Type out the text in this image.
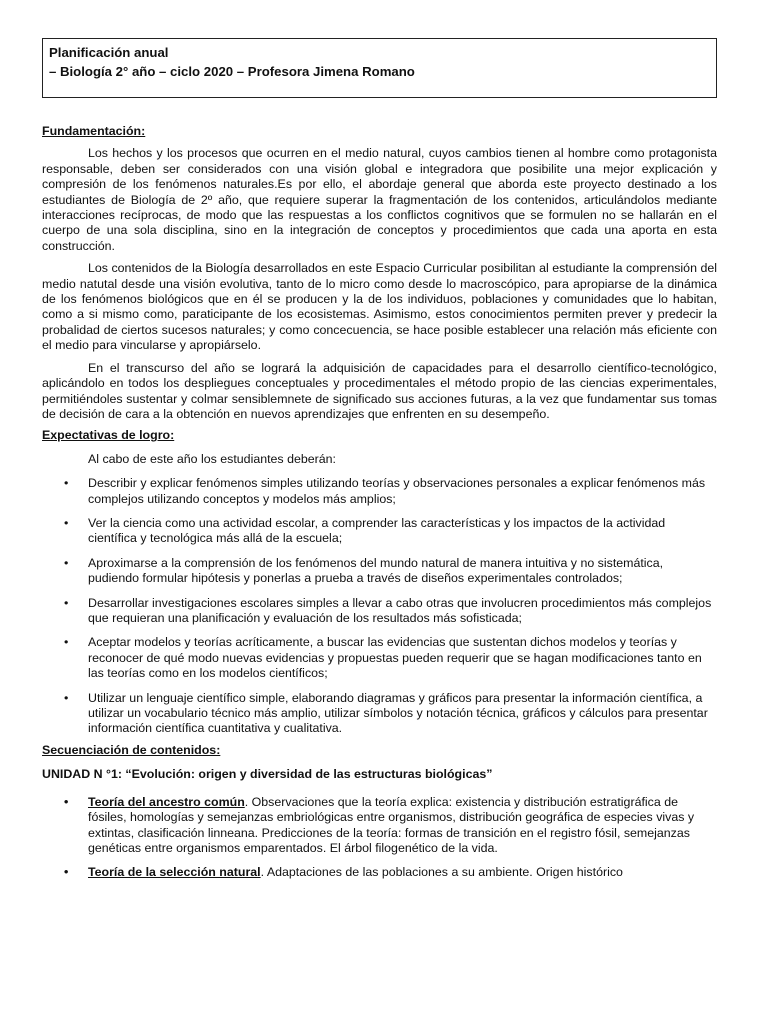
Planificación anual
– Biología 2° año – ciclo 2020 – Profesora Jimena Romano

Fundamentación:

Los hechos y los procesos que ocurren en el medio natural, cuyos cambios tienen al hombre como protagonista responsable, deben ser considerados con una visión global e integradora que posibilite una mejor explicación y compresión de los fenómenos naturales.Es por ello, el abordaje general que aborda este proyecto destinado a los estudiantes de Biología de 2º año, que requiere superar la fragmentación de los contenidos, articulándolos mediante interacciones recíprocas, de modo que las respuestas a los conflictos cognitivos que se formulen no se hallarán en el cuerpo de una sola disciplina, sino en la integración de conceptos y procedimientos que cada una aporta en esta construcción.

Los contenidos de la Biología desarrollados en este Espacio Curricular posibilitan al estudiante la comprensión del medio natutal desde una visión evolutiva, tanto de lo micro como desde lo macroscópico, para apropiarse de la dinámica de los fenómenos biológicos que en él se producen y la de los individuos, poblaciones y comunidades que lo habitan, como a si mismo como, paraticipante de los ecosistemas. Asimismo, estos conocimientos permiten prever y predecir la probalidad de ciertos sucesos naturales; y como concecuencia, se hace posible establecer una relación más eficiente con el medio para vincularse y apropiárselo.

En el transcurso del año se logrará la adquisición de capacidades para el desarrollo científico-tecnológico, aplicándolo en todos los despliegues conceptuales y procedimentales el método propio de las ciencias experimentales, permitiéndoles sustentar y colmar sensiblemnete de significado sus acciones futuras, a la vez que fundamentar sus tomas de decisión de cara a la obtención en nuevos aprendizajes que enfrenten en su desempeño.

Expectativas de logro:

Al cabo de este año los estudiantes deberán:

• Describir y explicar fenómenos simples utilizando teorías y observaciones personales a explicar fenómenos más complejos utilizando conceptos y modelos más amplios;
• Ver la ciencia como una actividad escolar, a comprender las características y los impactos de la actividad científica y tecnológica más allá de la escuela;
• Aproximarse a la comprensión de los fenómenos del mundo natural de manera intuitiva y no sistemática, pudiendo formular hipótesis y ponerlas a prueba a través de diseños experimentales controlados;
• Desarrollar investigaciones escolares simples a llevar a cabo otras que involucren procedimientos más complejos que requieran una planificación y evaluación de los resultados más sofisticada;
• Aceptar modelos y teorías acríticamente, a buscar las evidencias que sustentan dichos modelos y teorías y reconocer de qué modo nuevas evidencias y propuestas pueden requerir que se hagan modificaciones tanto en las teorías como en los modelos científicos;
• Utilizar un lenguaje científico simple, elaborando diagramas y gráficos para presentar la información científica, a utilizar un vocabulario técnico más amplio, utilizar símbolos y notación técnica, gráficos y cálculos para presentar información científica cuantitativa y cualitativa.

Secuenciación de contenidos:

UNIDAD N °1: “Evolución: origen y diversidad de las estructuras biológicas”

• Teoría del ancestro común. Observaciones que la teoría explica: existencia y distribución estratigráfica de fósiles, homologías y semejanzas embriológicas entre organismos, distribución geográfica de especies vivas y extintas, clasificación linneana. Predicciones de la teoría: formas de transición en el registro fósil, semejanzas genéticas entre organismos emparentados. El árbol filogenético de la vida.
• Teoría de la selección natural. Adaptaciones de las poblaciones a su ambiente. Origen histórico
